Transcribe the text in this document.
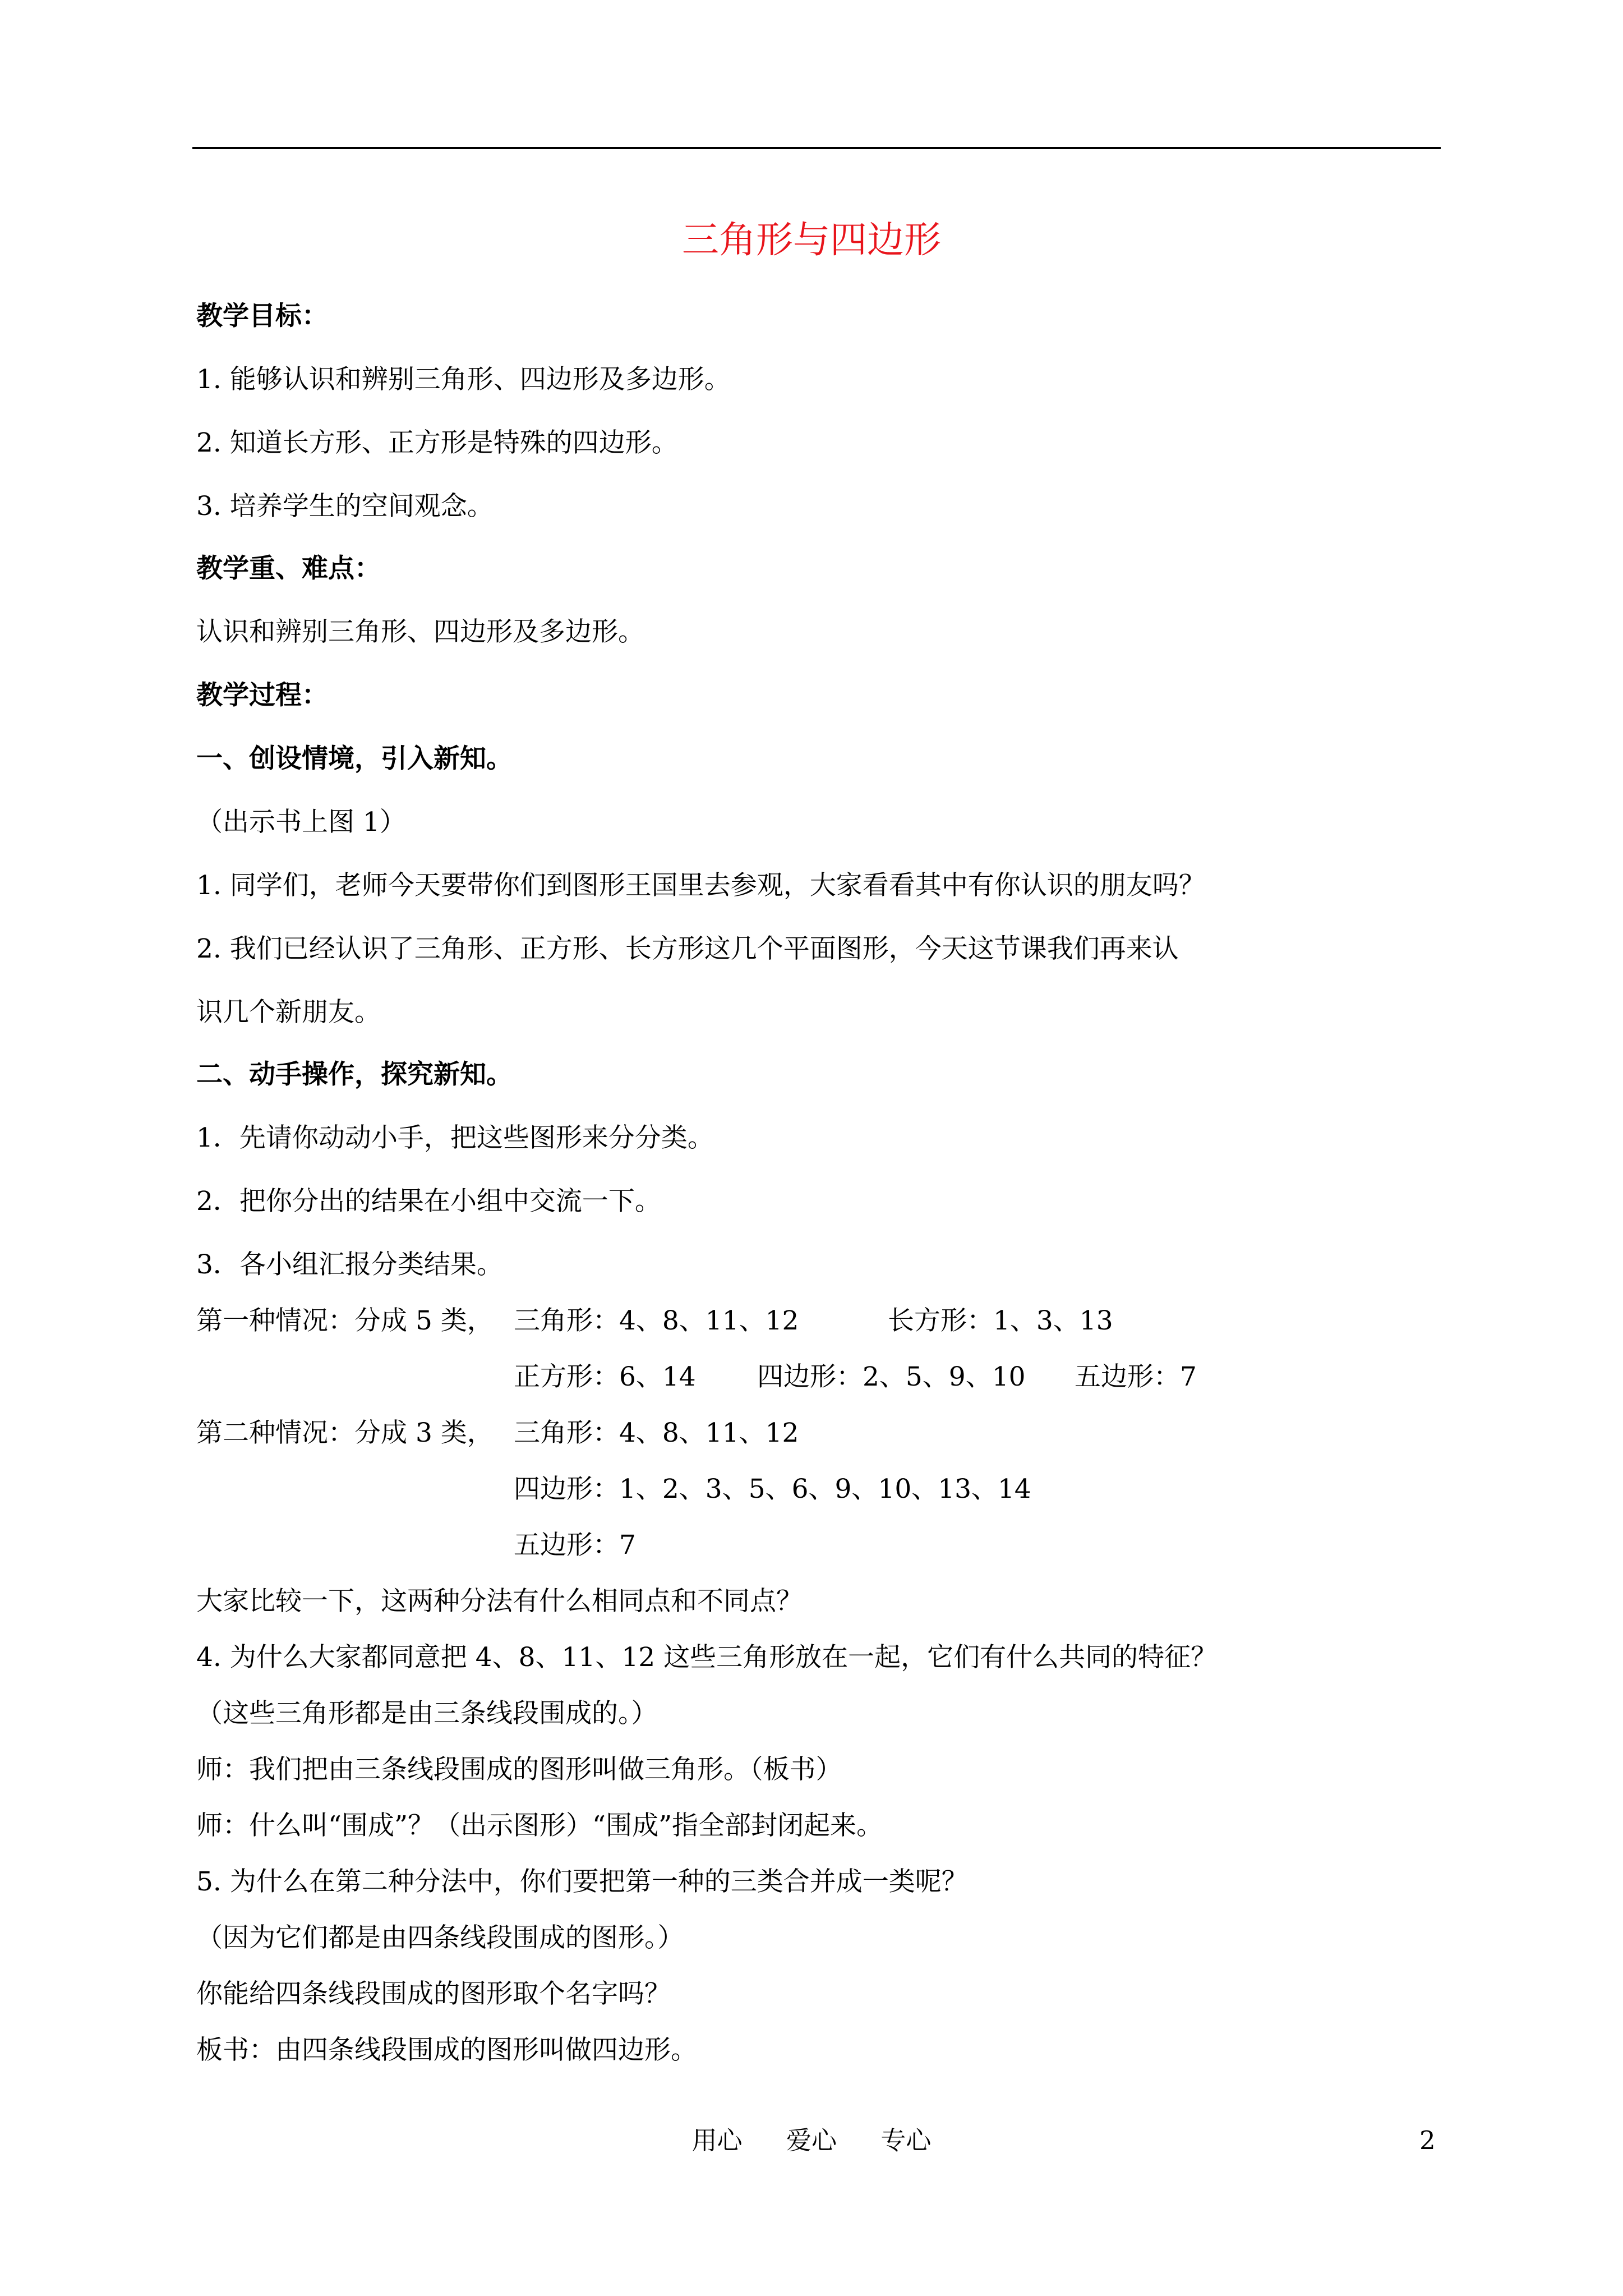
三角形与四边形
教学目标：
1. 能够认识和辨别三角形、四边形及多边形。
2. 知道长方形、正方形是特殊的四边形。
3. 培养学生的空间观念。
教学重、难点：
认识和辨别三角形、四边形及多边形。
教学过程：
一、创设情境，引入新知。
（出示书上图 1）
1. 同学们，老师今天要带你们到图形王国里去参观，大家看看其中有你认识的朋友吗？
2. 我们已经认识了三角形、正方形、长方形这几个平面图形，今天这节课我们再来认
识几个新朋友。
二、动手操作，探究新知。
1．先请你动动小手，把这些图形来分分类。
2．把你分出的结果在小组中交流一下。
3．各小组汇报分类结果。
第一种情况：分成 5 类， 三角形：4、8、11、12	长方形：1、3、13
正方形：6、14 四边形：2、5、9、10 五边形：7
第二种情况：分成 3 类， 三角形：4、8、11、12
四边形：1、2、3、5、6、9、10、13、14
五边形：7
大家比较一下，这两种分法有什么相同点和不同点？
4. 为什么大家都同意把 4、8、11、12 这些三角形放在一起，它们有什么共同的特征？
（这些三角形都是由三条线段围成的。）
师：我们把由三条线段围成的图形叫做三角形。（板书）
师：什么叫“围成”？（出示图形）“围成”指全部封闭起来。
5. 为什么在第二种分法中，你们要把第一种的三类合并成一类呢？
（因为它们都是由四条线段围成的图形。）
你能给四条线段围成的图形取个名字吗？
板书：由四条线段围成的图形叫做四边形。
用心 爱心 专心	2
